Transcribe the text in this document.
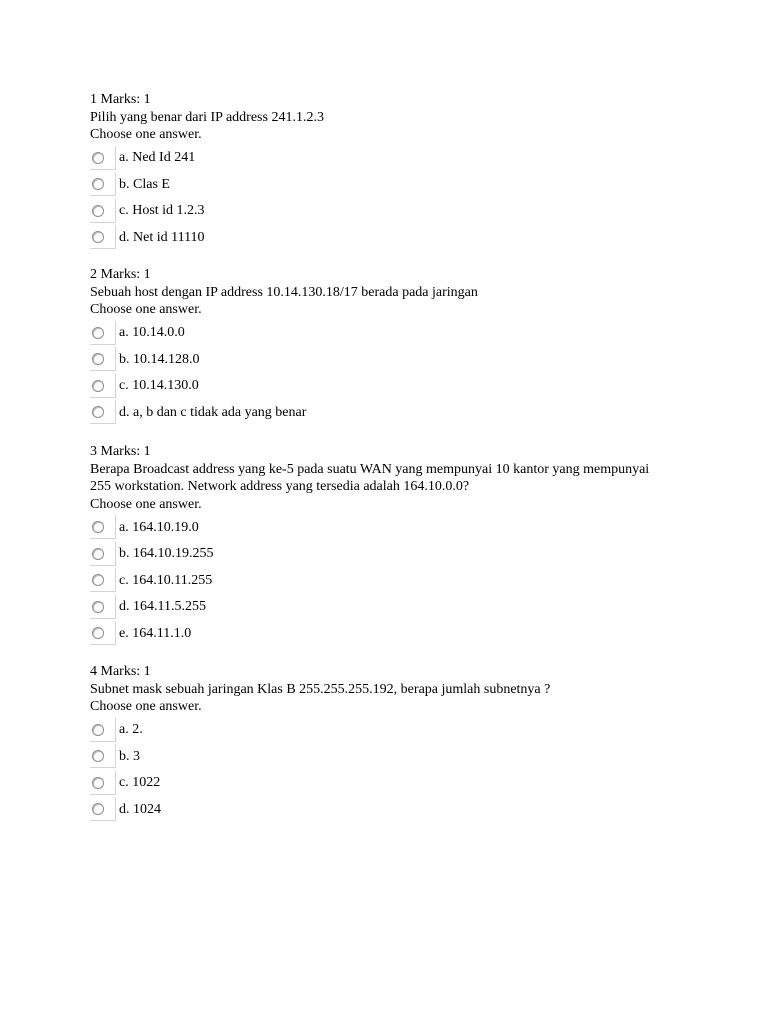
1 Marks: 1

Pilih yang benar dari IP address 241.1.2.3

Choose one answer.

a. Ned Id 241
b. Clas E
c. Host id 1.2.3
d. Net id 11110

2 Marks: 1

Sebuah host dengan IP address 10.14.130.18/17 berada pada jaringan

Choose one answer.

a. 10.14.0.0
b. 10.14.128.0
c. 10.14.130.0
d. a, b dan c tidak ada yang benar

3 Marks: 1

Berapa Broadcast address yang ke-5 pada suatu WAN yang mempunyai 10 kantor yang mempunyai 255 workstation. Network address yang tersedia adalah 164.10.0.0?

Choose one answer.

a. 164.10.19.0
b. 164.10.19.255
c. 164.10.11.255
d. 164.11.5.255
e. 164.11.1.0

4 Marks: 1

Subnet mask sebuah jaringan Klas B 255.255.255.192, berapa jumlah subnetnya ?

Choose one answer.

a. 2.
b. 3
c. 1022
d. 1024
